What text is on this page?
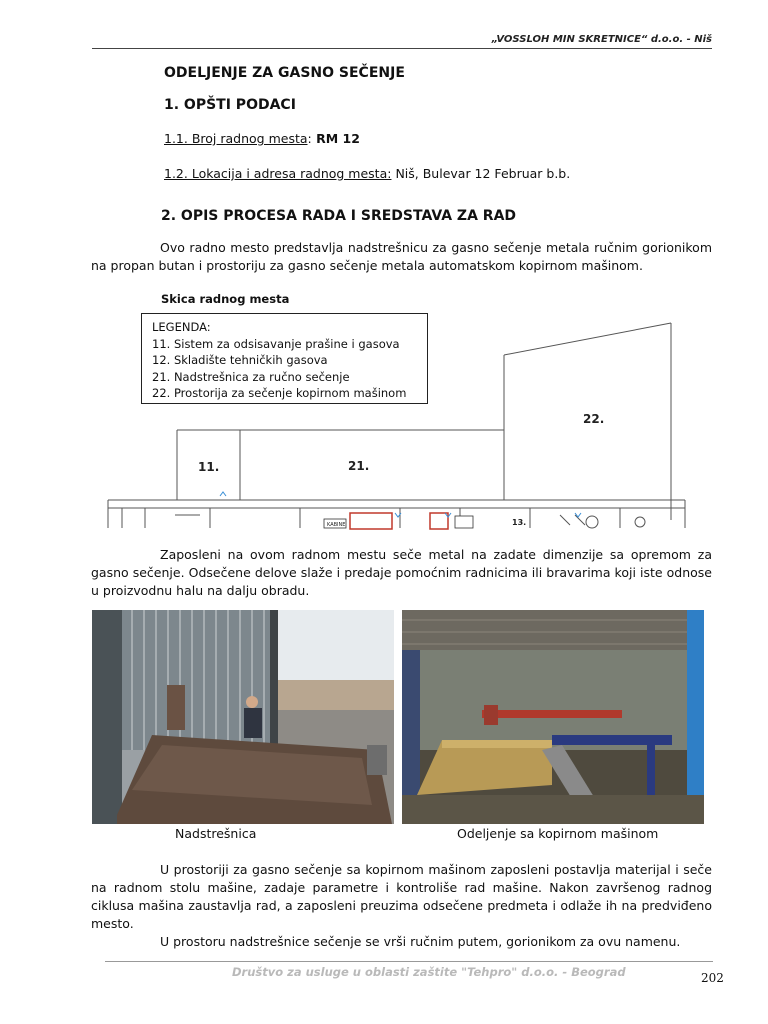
„VOSSLOH MIN SKRETNICE“ d.o.o. - Niš
ODELJENJE ZA GASNO SEČENJE
1. OPŠTI PODACI
1.1. Broj radnog mesta: RM 12
1.2. Lokacija i adresa radnog mesta: Niš, Bulevar 12 Februar b.b.
2. OPIS PROCESA RADA I SREDSTAVA ZA RAD
Ovo radno mesto predstavlja nadstrešnicu za gasno sečenje metala ručnim gorionikom na propan butan i prostoriju za gasno sečenje metala automatskom kopirnom mašinom.
Skica radnog mesta
KABINE
11.	21.
22.
13.
LEGENDA:
11. Sistem za odsisavanje prašine i gasova
12. Skladište tehničkih gasova
21. Nadstrešnica za ručno sečenje
22. Prostorija za sečenje kopirnom mašinom
Zaposleni na ovom radnom mestu seče metal na zadate dimenzije sa opremom za gasno sečenje. Odsečene delove slaže i predaje pomoćnim radnicima ili bravarima koji iste odnose u proizvodnu halu na dalju obradu.
Nadstrešnica	Odeljenje sa kopirnom mašinom
U prostoriji za gasno sečenje sa kopirnom mašinom zaposleni postavlja materijal i seče na radnom stolu mašine, zadaje parametre i kontroliše rad mašine. Nakon završenog radnog ciklusa mašina zaustavlja rad, a zaposleni preuzima odsečene predmeta i odlaže ih na predviđeno mesto.
U prostoru nadstrešnice sečenje se vrši ručnim putem, gorionikom za ovu namenu.
Društvo za usluge u oblasti zaštite "Tehpro" d.o.o. - Beograd	202
